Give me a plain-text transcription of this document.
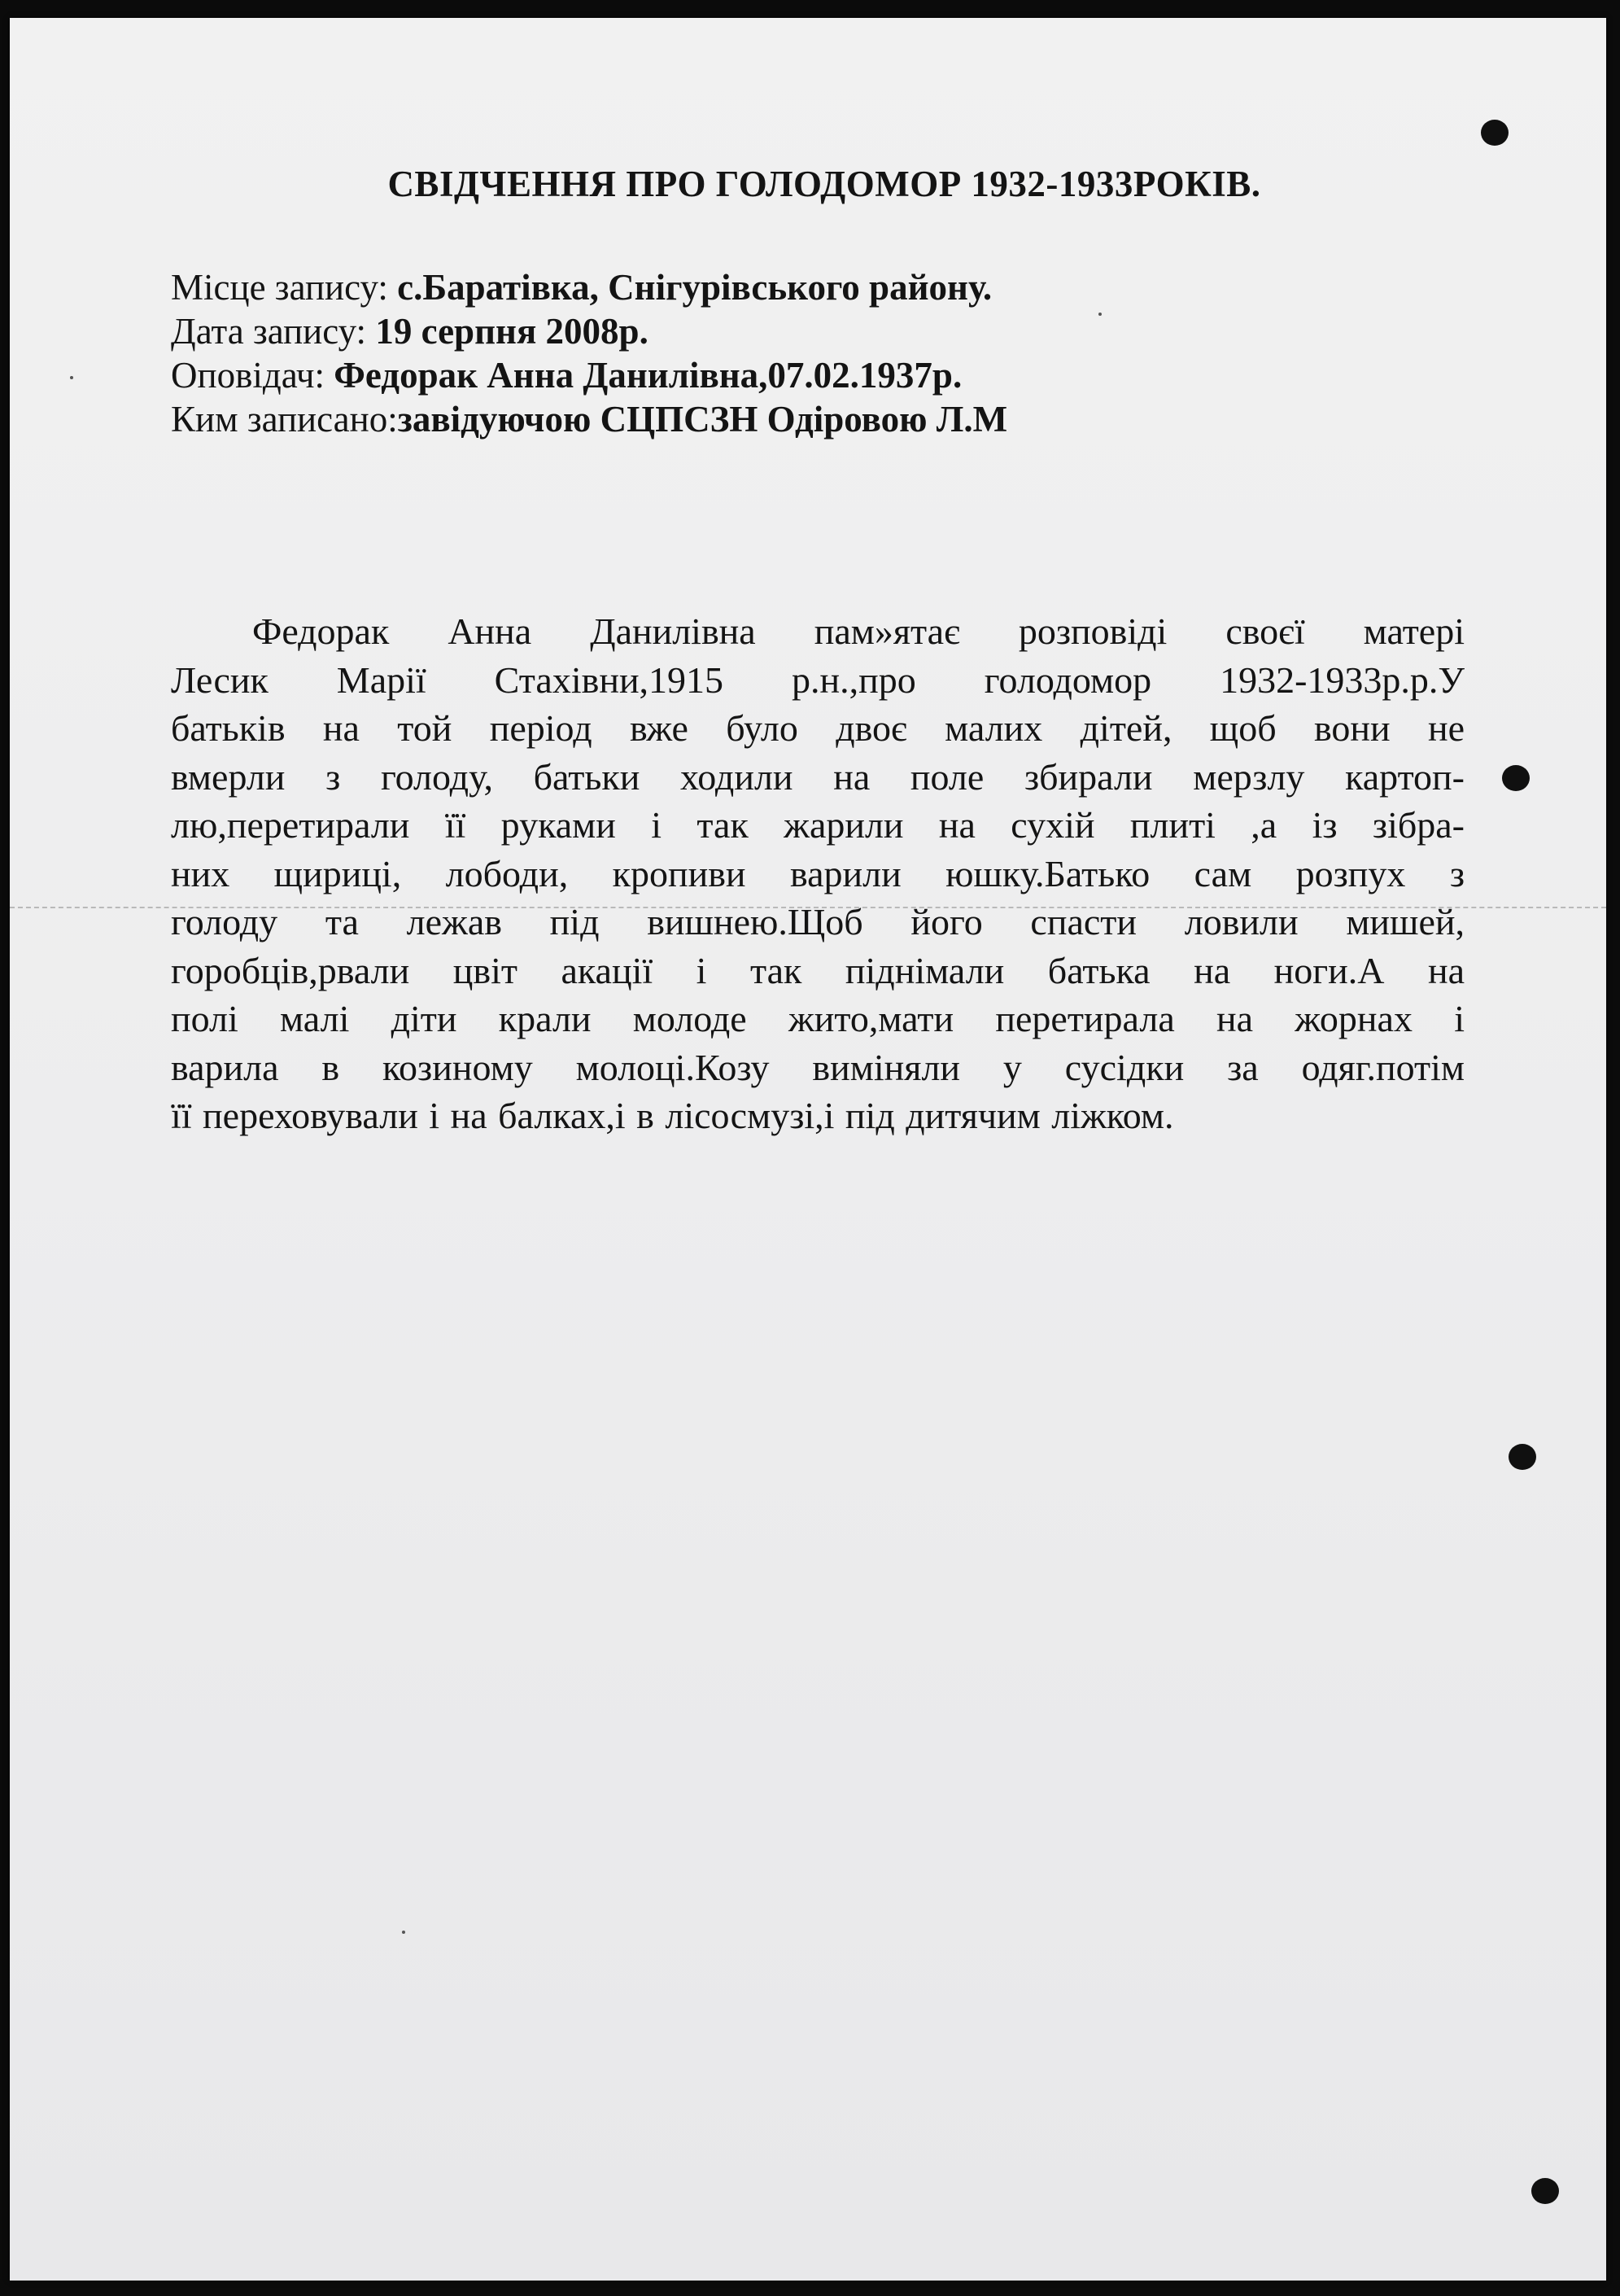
СВІДЧЕННЯ ПРО ГОЛОДОМОР 1932-1933РОКІВ.
Місце запису: с.Баратівка, Снігурівського району.
Дата запису: 19 серпня 2008р.
Оповідач: Федорак Анна Данилівна,07.02.1937р.
Ким записано:завідуючою СЦПСЗН Одіровою Л.М
Федорак Анна Данилівна пам»ятає розповіді своєї матері
Лесик Марії Стахівни,1915 р.н.,про голодомор 1932-1933р.р.У
батьків на той період вже було двоє малих дітей, щоб вони не
вмерли з голоду, батьки ходили на поле збирали мерзлу картоп-
лю,перетирали її руками і так жарили на сухій плиті ,а із зібра-
них щириці, лободи, кропиви варили юшку.Батько сам розпух з
голоду та лежав під вишнею.Щоб його спасти ловили мишей,
горобців,рвали цвіт акації і так піднімали батька на ноги.А на
полі малі діти крали молоде жито,мати перетирала на жорнах і
варила в козиному молоці.Козу виміняли у сусідки за одяг.потім
її переховували і на балках,і в лісосмузі,і під дитячим ліжком.
